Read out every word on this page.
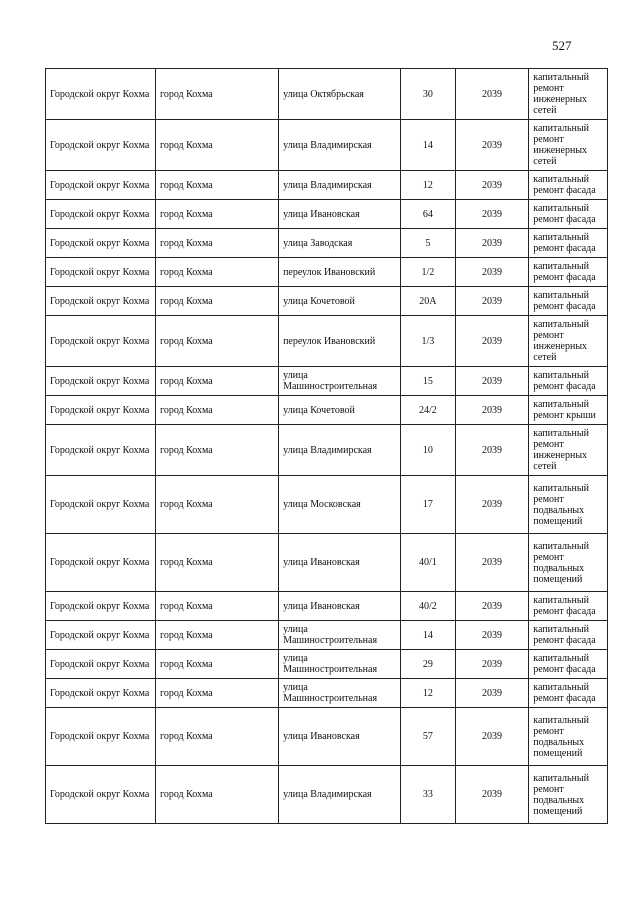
527
Городской округ Кохма	город Кохма	улица Октябрьская	30	2039	капитальный ремонт инженерных сетей

Городской округ Кохма	город Кохма	улица Владимирская	14	2039	капитальный ремонт инженерных сетей

Городской округ Кохма	город Кохма	улица Владимирская	12	2039	капитальный ремонт фасада

Городской округ Кохма	город Кохма	улица Ивановская	64	2039	капитальный ремонт фасада

Городской округ Кохма	город Кохма	улица Заводская	5	2039	капитальный ремонт фасада

Городской округ Кохма	город Кохма	переулок Ивановский	1/2	2039	капитальный ремонт фасада

Городской округ Кохма	город Кохма	улица Кочетовой	20А	2039	капитальный ремонт фасада

Городской округ Кохма	город Кохма	переулок Ивановский	1/3	2039	капитальный ремонт инженерных сетей

Городской округ Кохма	город Кохма	улица Машиностроительная	15	2039	капитальный ремонт фасада

Городской округ Кохма	город Кохма	улица Кочетовой	24/2	2039	капитальный ремонт крыши

Городской округ Кохма	город Кохма	улица Владимирская	10	2039	капитальный ремонт инженерных сетей

Городской округ Кохма	город Кохма	улица Московская	17	2039	капитальный ремонт подвальных помещений

Городской округ Кохма	город Кохма	улица Ивановская	40/1	2039	капитальный ремонт подвальных помещений

Городской округ Кохма	город Кохма	улица Ивановская	40/2	2039	капитальный ремонт фасада

Городской округ Кохма	город Кохма	улица Машиностроительная	14	2039	капитальный ремонт фасада

Городской округ Кохма	город Кохма	улица Машиностроительная	29	2039	капитальный ремонт фасада

Городской округ Кохма	город Кохма	улица Машиностроительная	12	2039	капитальный ремонт фасада

Городской округ Кохма	город Кохма	улица Ивановская	57	2039	капитальный ремонт подвальных помещений

Городской округ Кохма	город Кохма	улица Владимирская	33	2039	капитальный ремонт подвальных помещений
